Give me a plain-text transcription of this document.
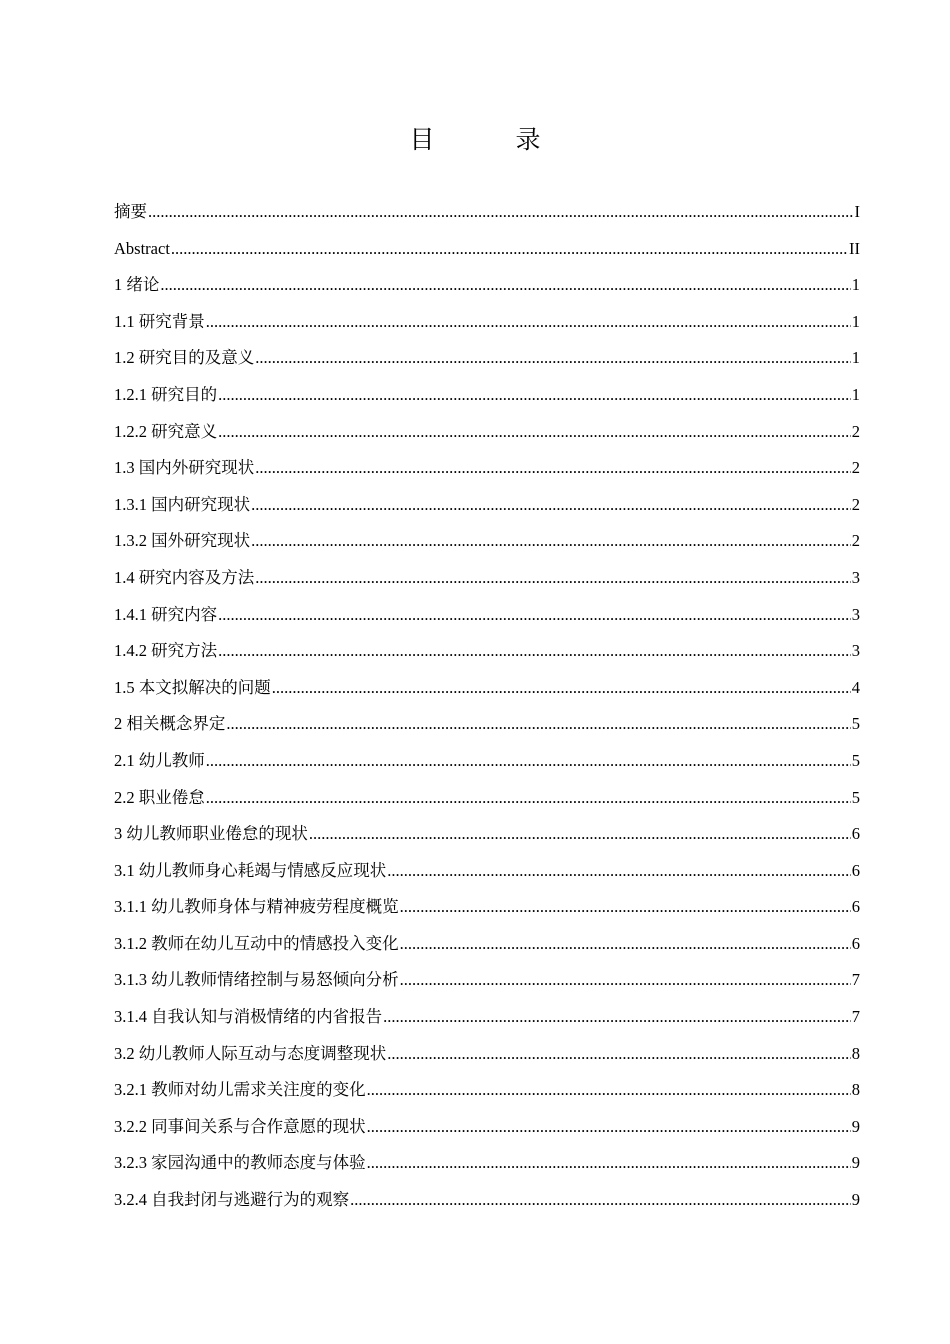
目　录
摘要 .....	I
Abstract .....	II
1 绪论 .....	1
1.1 研究背景 .....	1
1.2 研究目的及意义 .....	1
1.2.1 研究目的 .....	1
1.2.2 研究意义 .....	2
1.3 国内外研究现状 .....	2
1.3.1 国内研究现状 .....	2
1.3.2 国外研究现状 .....	2
1.4 研究内容及方法 .....	3
1.4.1 研究内容 .....	3
1.4.2 研究方法 .....	3
1.5 本文拟解决的问题 .....	4
2 相关概念界定 .....	5
2.1 幼儿教师 .....	5
2.2 职业倦怠 .....	5
3 幼儿教师职业倦怠的现状 .....	6
3.1 幼儿教师身心耗竭与情感反应现状 .....	6
3.1.1 幼儿教师身体与精神疲劳程度概览 .....	6
3.1.2 教师在幼儿互动中的情感投入变化 .....	6
3.1.3 幼儿教师情绪控制与易怒倾向分析 .....	7
3.1.4 自我认知与消极情绪的内省报告 .....	7
3.2 幼儿教师人际互动与态度调整现状 .....	8
3.2.1 教师对幼儿需求关注度的变化 .....	8
3.2.2 同事间关系与合作意愿的现状 .....	9
3.2.3 家园沟通中的教师态度与体验 .....	9
3.2.4 自我封闭与逃避行为的观察 .....	9
